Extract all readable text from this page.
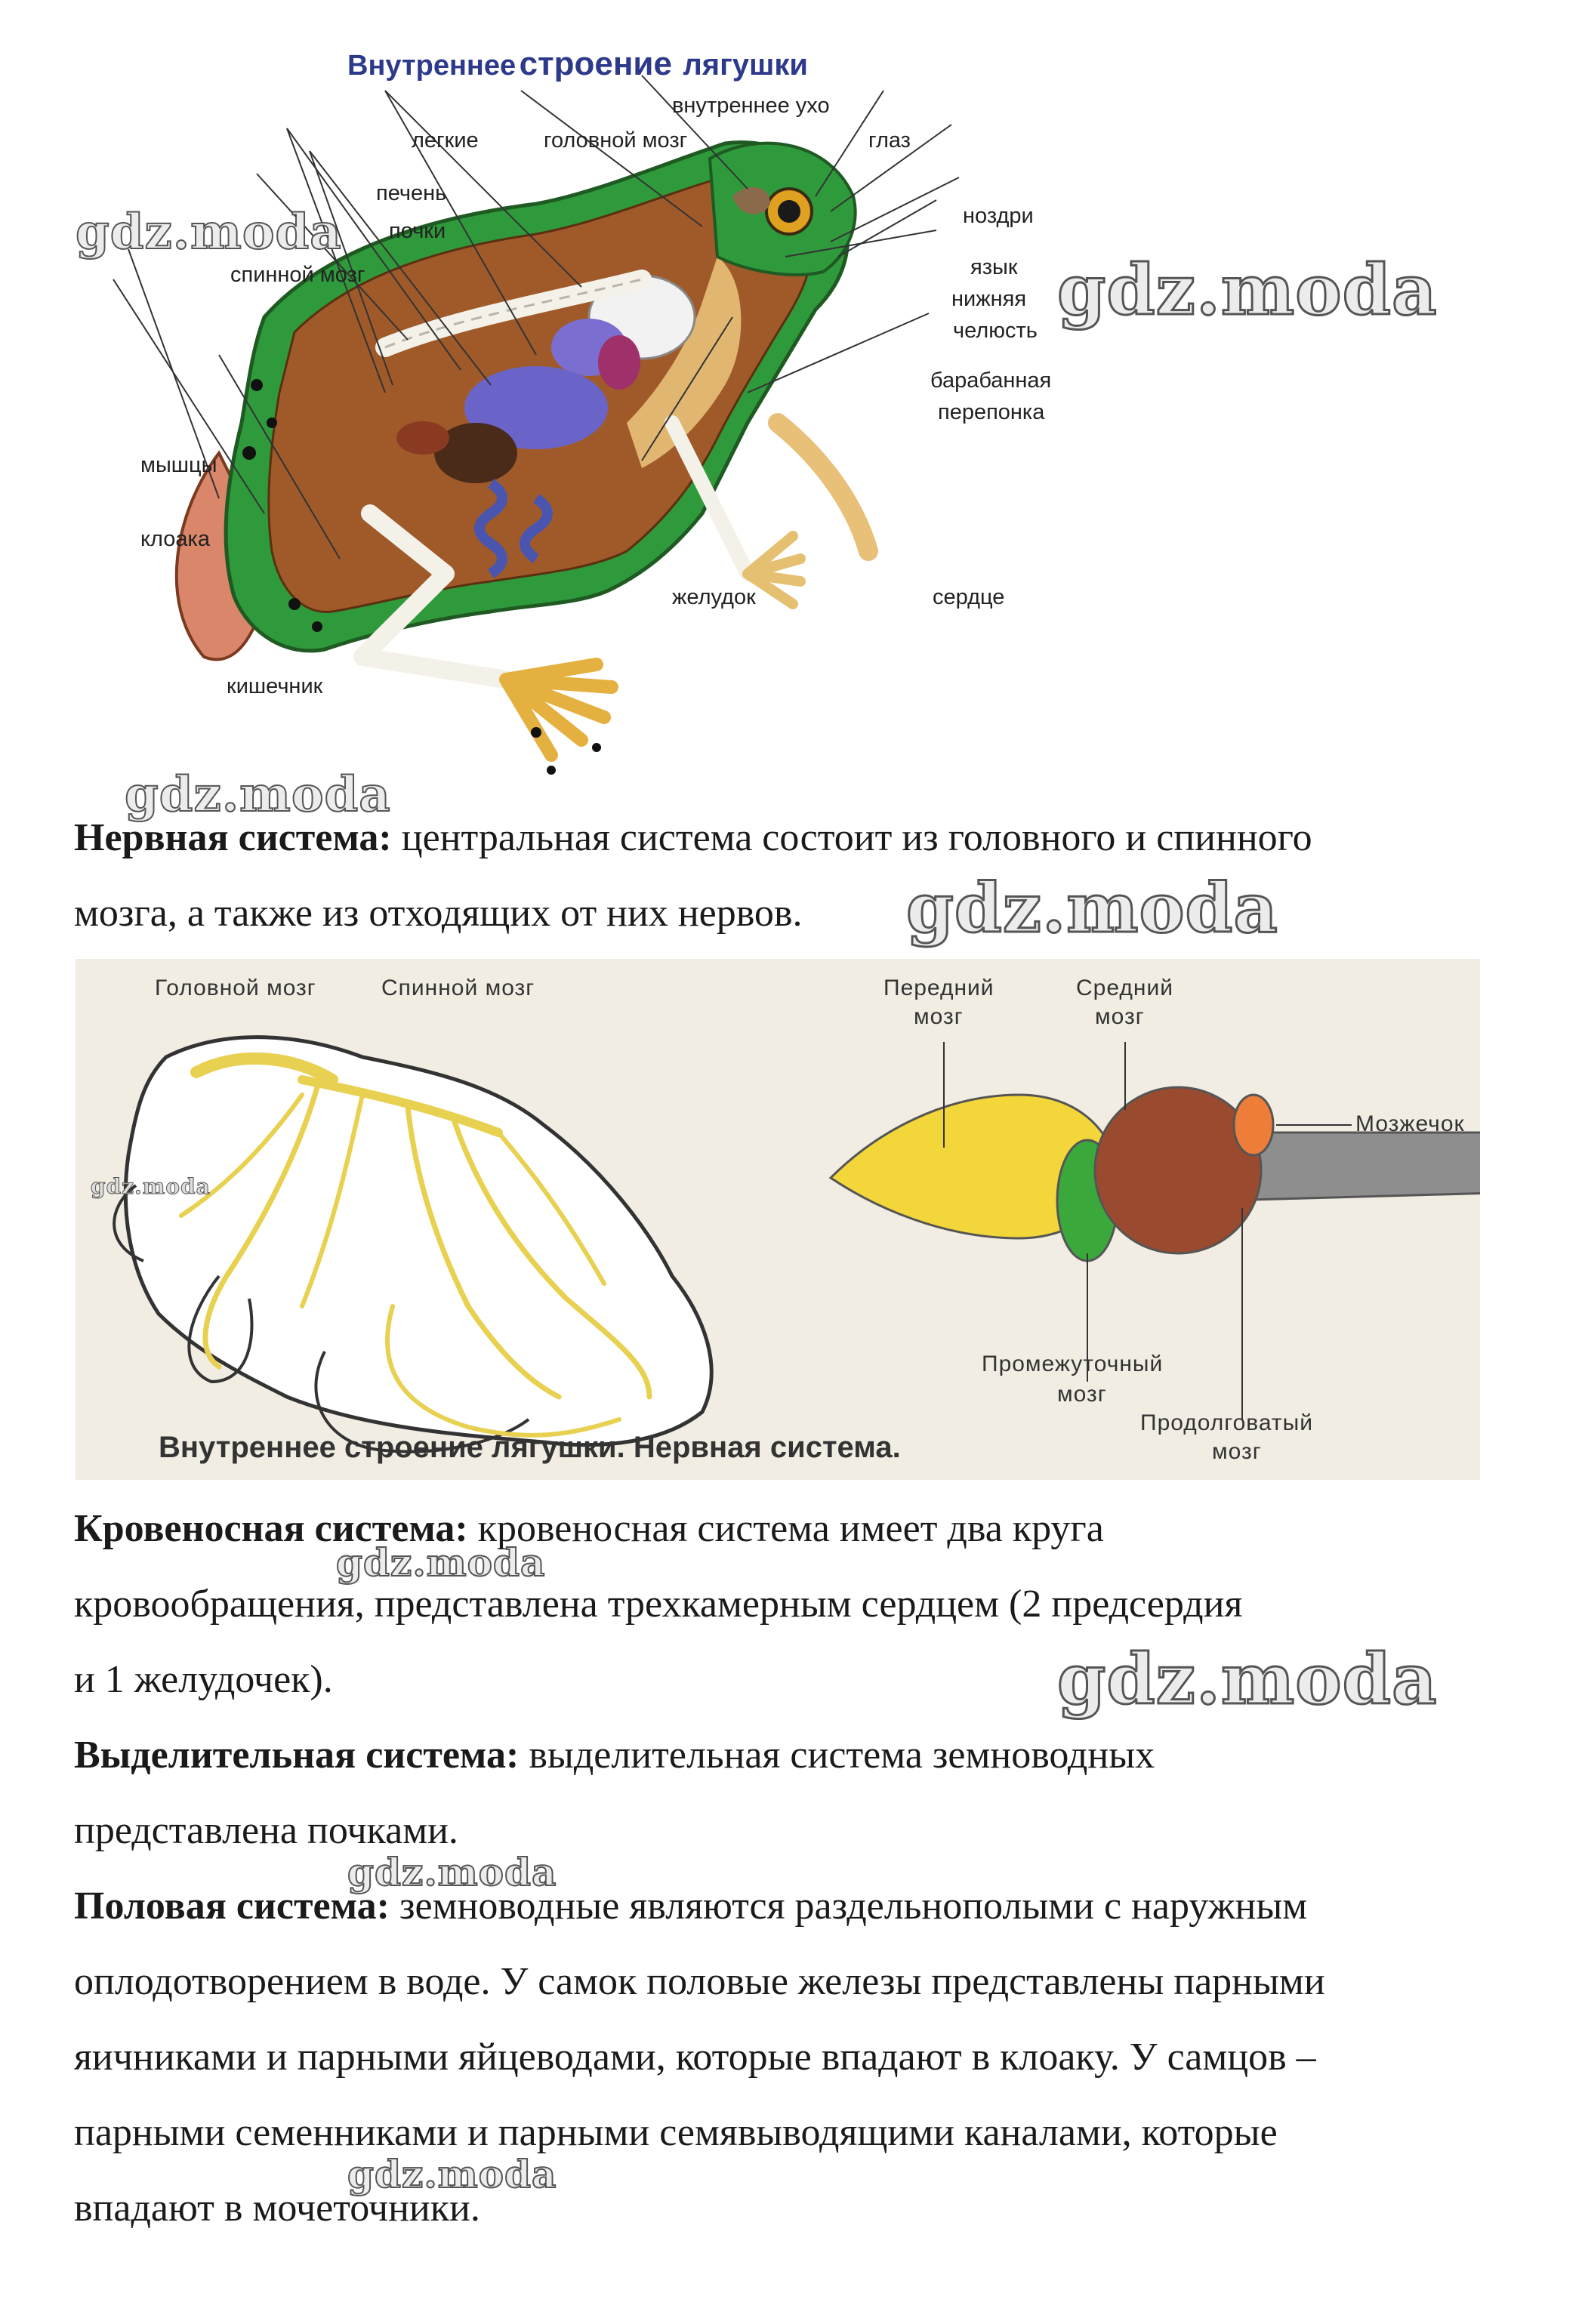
Внутреннее строение лягушки
внутреннее ухо
легкие	головной мозг	глаз
печень
ноздри
почки
язык
спинной мозг
нижняя
челюсть
барабанная
перепонка
мышцы
клоака
желудок	сердце
кишечник
Нервная система: центральная система состоит из головного и спинного
мозга, а также из отходящих от них нервов.
Головной мозг	Спинной мозг	Передний
мозг
Средний
мозг
Мозжечок
Промежуточный
мозг
Продолговатый
мозг
Внутреннее строение лягушки. Нервная система.
Кровеносная система: кровеносная система имеет два круга
кровообращения, представлена трехкамерным сердцем (2 предсердия
и 1 желудочек).
Выделительная система: выделительная система земноводных
представлена почками.
Половая система: земноводные являются раздельнополыми с наружным
оплодотворением в воде. У самок половые железы представлены парными
яичниками и парными яйцеводами, которые впадают в клоаку. У самцов –
парными семенниками и парными семявыводящими каналами, которые
впадают в мочеточники.
gdz.moda
gdz.moda
gdz.moda
gdz.moda
gdz.moda
gdz.moda
gdz.moda
gdz.moda
gdz.moda
